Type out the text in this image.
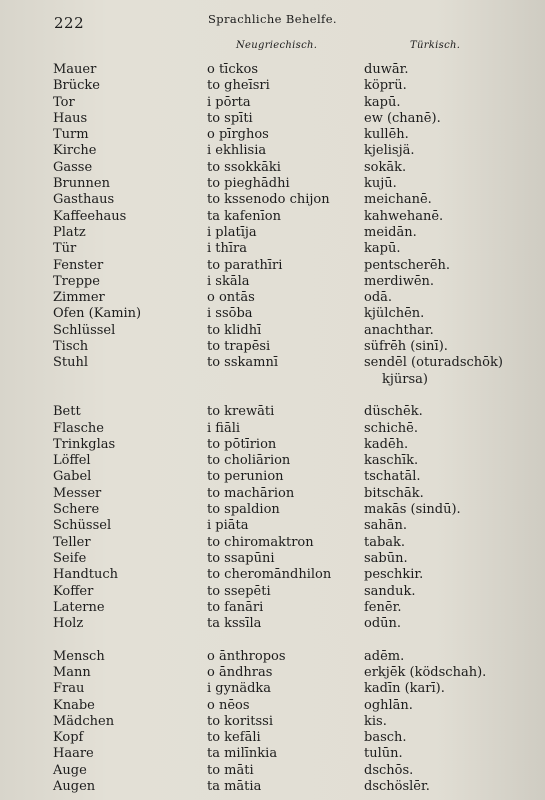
222	Sprachliche Behelfe.
Neugriechisch.	Türkisch.
Mauer	o tīckos	duwār.
Brücke	to gheīsri	köprü.
Tor	i pōrta	kapū.
Haus	to spīti	ew (chanē).
Turm	o pīrghos	kullēh.
Kirche	i ekhlisia	kjelisjä.
Gasse	to ssokkāki	sokāk.
Brunnen	to pieghādhi	kujū.
Gasthaus	to kssenodo chijon	meichanē.
Kaffeehaus	ta kafenīon	kahwehanē.
Platz	i platīja	meidān.
Tür	i thīra	kapū.
Fenster	to parathīri	pentscherēh.
Treppe	i skāla	merdiwēn.
Zimmer	o ontās	odā.
Ofen (Kamin)	i ssōba	kjülchēn.
Schlüssel	to klidhī	anachthar.
Tisch	to trapēsi	süfrēh (sinī).
Stuhl	to sskamnī	sendēl (oturadschōk)
kjürsa)
Bett	to krewāti	düschēk.
Flasche	i fiāli	schichē.
Trinkglas	to pōtīrion	kadēh.
Löffel	to choliārion	kaschīk.
Gabel	to perunion	tschatāl.
Messer	to machārion	bitschāk.
Schere	to spaldion	makās (sindū).
Schüssel	i piāta	sahān.
Teller	to chiromaktron	tabak.
Seife	to ssapūni	sabūn.
Handtuch	to cheromāndhilon	peschkir.
Koffer	to ssepēti	sanduk.
Laterne	to fanāri	fenēr.
Holz	ta kssīla	odūn.
Mensch	o ānthropos	adēm.
Mann	o āndhras	erkjēk (ködschah).
Frau	i gynädka	kadīn (karī).
Knabe	o nēos	oghlān.
Mädchen	to koritssi	kis.
Kopf	to kefāli	basch.
Haare	ta milīnkia	tulūn.
Auge	to māti	dschōs.
Augen	ta mātia	dschöslēr.
